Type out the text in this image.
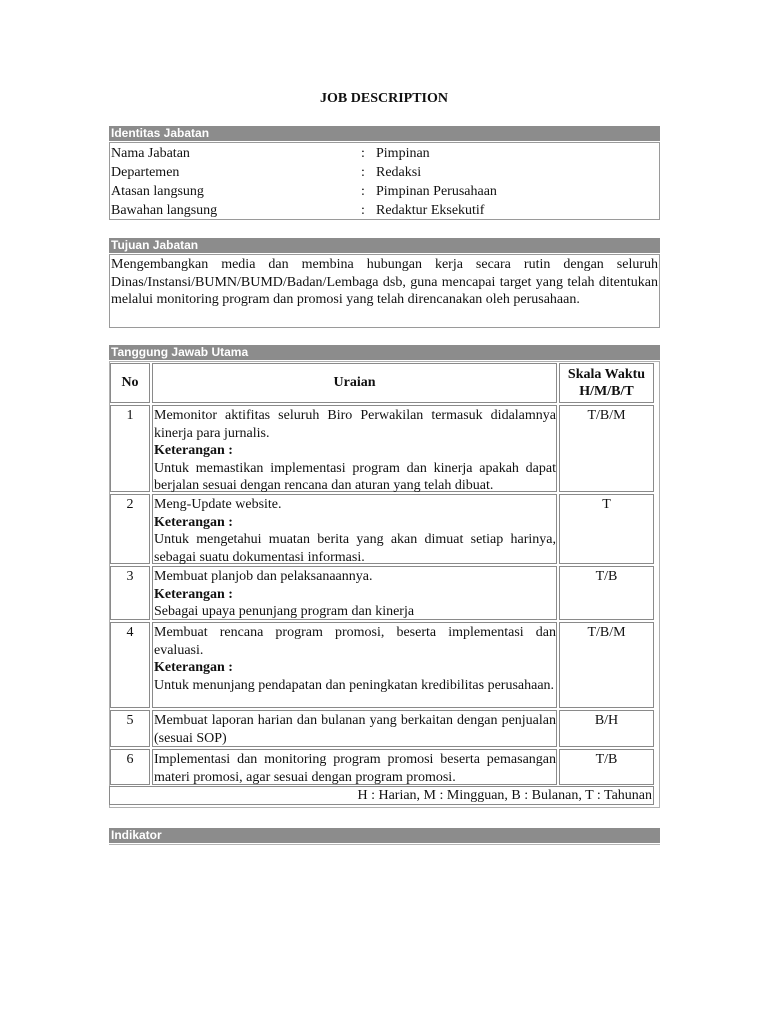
JOB DESCRIPTION
Identitas Jabatan
Nama Jabatan	: Pimpinan
Departemen	: Redaksi
Atasan langsung	: Pimpinan Perusahaan
Bawahan langsung	: Redaktur Eksekutif
Tujuan Jabatan
Mengembangkan media dan membina hubungan kerja secara rutin dengan seluruh Dinas/Instansi/BUMN/BUMD/Badan/Lembaga dsb, guna mencapai target yang telah ditentukan melalui monitoring program dan promosi yang telah direncanakan oleh perusahaan.
Tanggung Jawab Utama
No	Uraian
Skala Waktu
H/M/B/T
1	Memonitor aktifitas seluruh Biro Perwakilan termasuk didalamnya kinerja para jurnalis.
Keterangan :
Untuk memastikan implementasi program dan kinerja apakah dapat berjalan sesuai dengan rencana dan aturan yang telah dibuat.
T/B/M
2	Meng-Update website.
Keterangan :
Untuk mengetahui muatan berita yang akan dimuat setiap harinya, sebagai suatu dokumentasi informasi.
T
3	Membuat planjob dan pelaksanaannya.
Keterangan :
Sebagai upaya penunjang program dan kinerja
T/B
4	Membuat rencana program promosi, beserta implementasi dan evaluasi.
Keterangan :
Untuk menunjang pendapatan dan peningkatan kredibilitas perusahaan.
T/B/M
5	Membuat laporan harian dan bulanan yang berkaitan dengan penjualan (sesuai SOP)
B/H
6	Implementasi dan monitoring program promosi beserta pemasangan materi promosi, agar sesuai dengan program promosi.
T/B
H : Harian, M : Mingguan, B : Bulanan, T : Tahunan
Indikator
